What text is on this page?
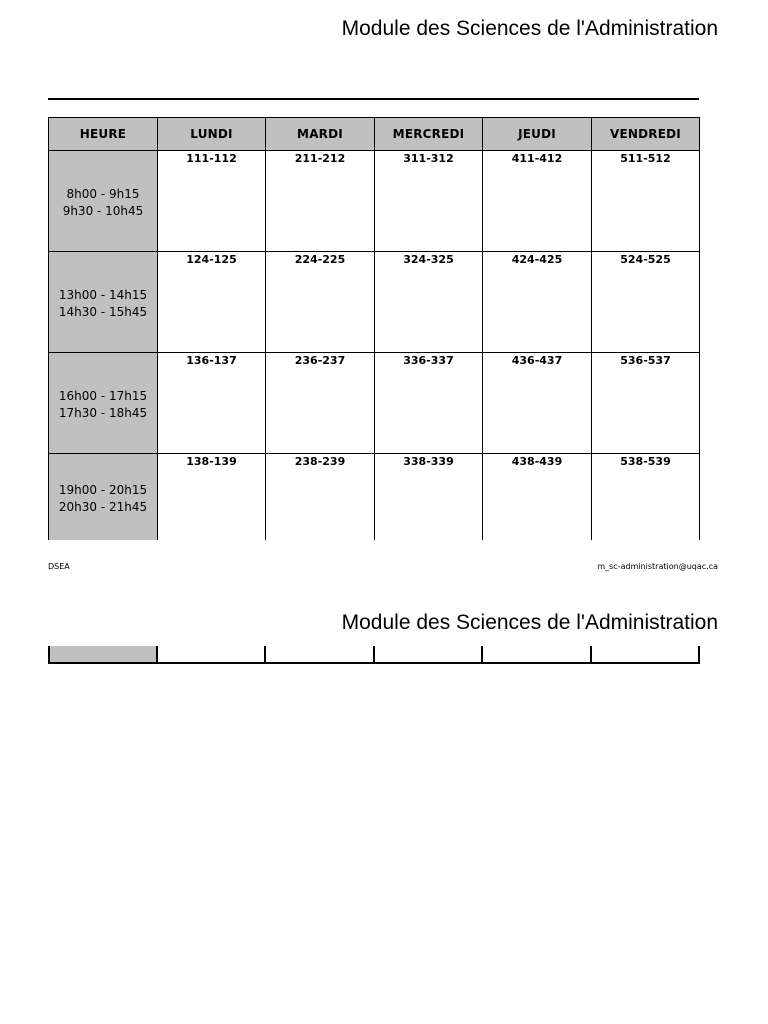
Module des Sciences de l'Administration
HEURE	LUNDI	MARDI	MERCREDI	JEUDI	VENDREDI

8h00 - 9h15
9h30 - 10h45	111-112	211-212	311-312	411-412	511-512

13h00 - 14h15
14h30 - 15h45	124-125	224-225	324-325	424-425	524-525

16h00 - 17h15
17h30 - 18h45	136-137	236-237	336-337	436-437	536-537

19h00 - 20h15
20h30 - 21h45	138-139	238-239	338-339	438-439	538-539
DSEA	m_sc-administration@uqac.ca
Module des Sciences de l'Administration
